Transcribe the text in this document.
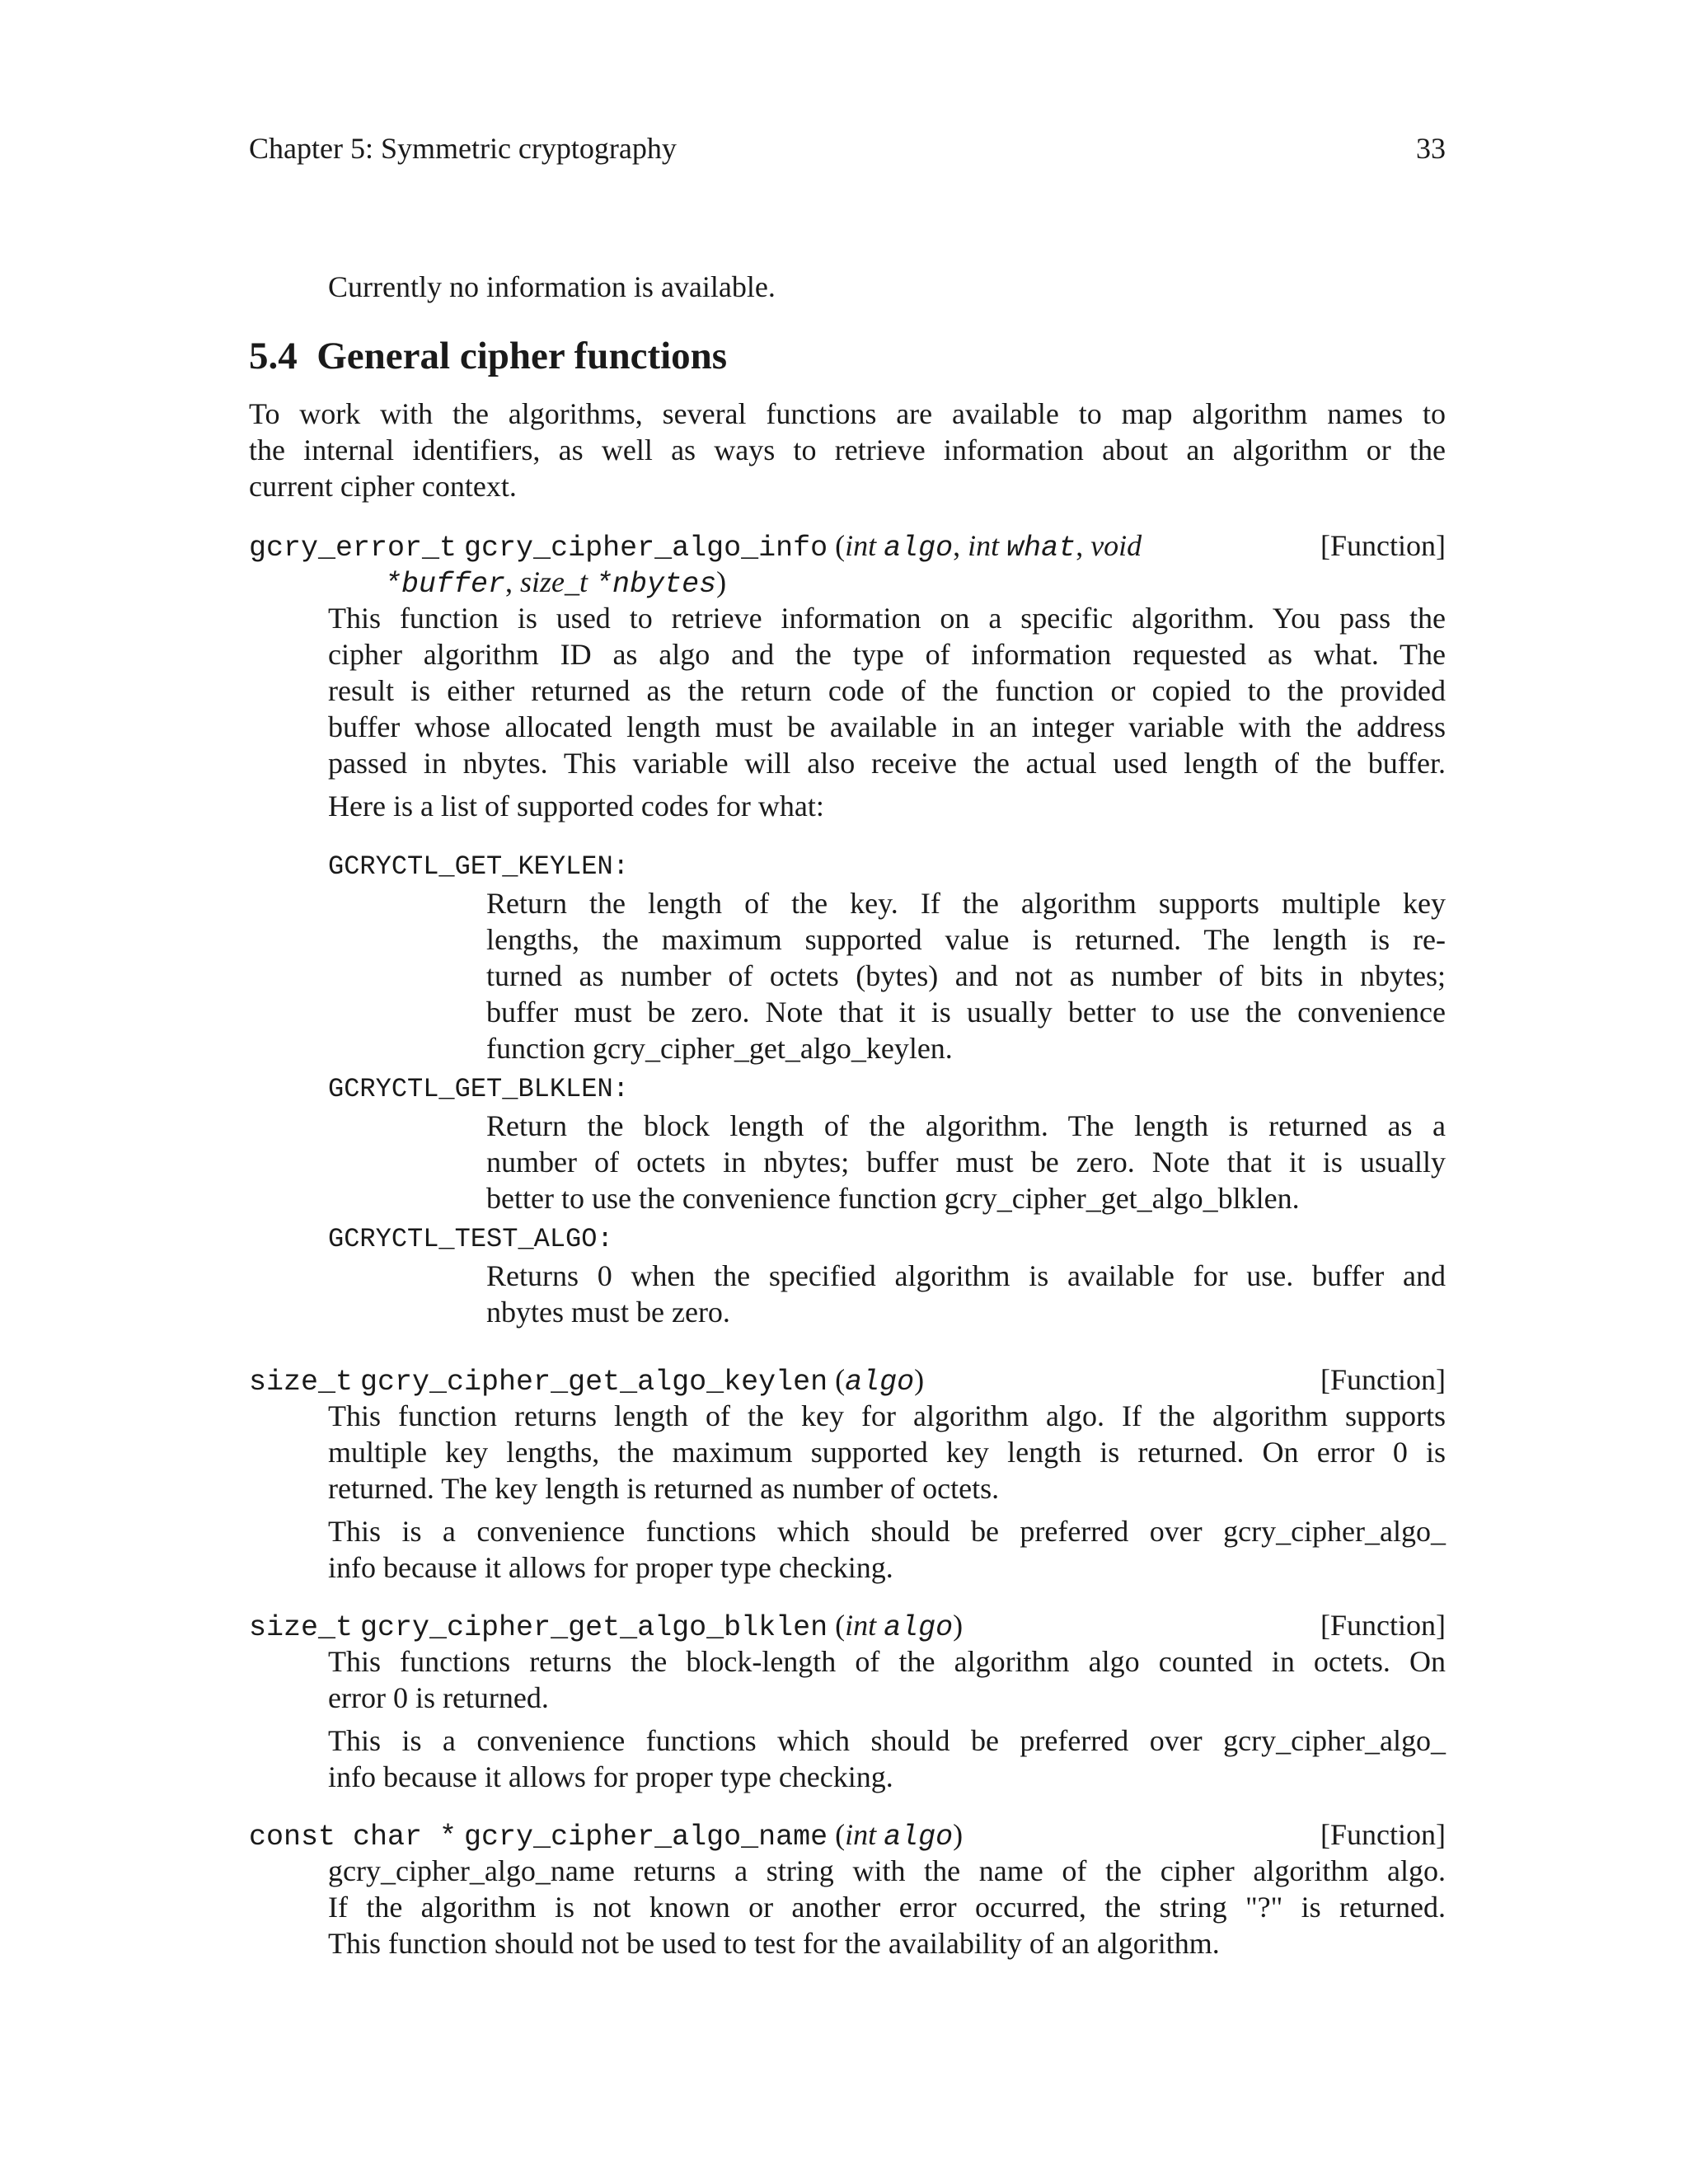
Chapter 5: Symmetric cryptography	33
Currently no information is available.
5.4 General cipher functions
To work with the algorithms, several functions are available to map algorithm names to
the internal identifiers, as well as ways to retrieve information about an algorithm or the
current cipher context.
gcry_error_t gcry_cipher_algo_info (int algo, int what, void	[Function]
*buffer, size_t *nbytes)
This function is used to retrieve information on a specific algorithm. You pass the
cipher algorithm ID as algo and the type of information requested as what. The
result is either returned as the return code of the function or copied to the provided
buffer whose allocated length must be available in an integer variable with the address
passed in nbytes. This variable will also receive the actual used length of the buffer.
Here is a list of supported codes for what:
GCRYCTL_GET_KEYLEN:
Return the length of the key. If the algorithm supports multiple key
lengths, the maximum supported value is returned. The length is re-
turned as number of octets (bytes) and not as number of bits in nbytes;
buffer must be zero. Note that it is usually better to use the convenience
function gcry_cipher_get_algo_keylen.
GCRYCTL_GET_BLKLEN:
Return the block length of the algorithm. The length is returned as a
number of octets in nbytes; buffer must be zero. Note that it is usually
better to use the convenience function gcry_cipher_get_algo_blklen.
GCRYCTL_TEST_ALGO:
Returns 0 when the specified algorithm is available for use. buffer and
nbytes must be zero.
size_t gcry_cipher_get_algo_keylen (algo)	[Function]
This function returns length of the key for algorithm algo. If the algorithm supports
multiple key lengths, the maximum supported key length is returned. On error 0 is
returned. The key length is returned as number of octets.
This is a convenience functions which should be preferred over gcry_cipher_algo_
info because it allows for proper type checking.
size_t gcry_cipher_get_algo_blklen (int algo)	[Function]
This functions returns the block-length of the algorithm algo counted in octets. On
error 0 is returned.
This is a convenience functions which should be preferred over gcry_cipher_algo_
info because it allows for proper type checking.
const char * gcry_cipher_algo_name (int algo)	[Function]
gcry_cipher_algo_name returns a string with the name of the cipher algorithm algo.
If the algorithm is not known or another error occurred, the string "?" is returned.
This function should not be used to test for the availability of an algorithm.
